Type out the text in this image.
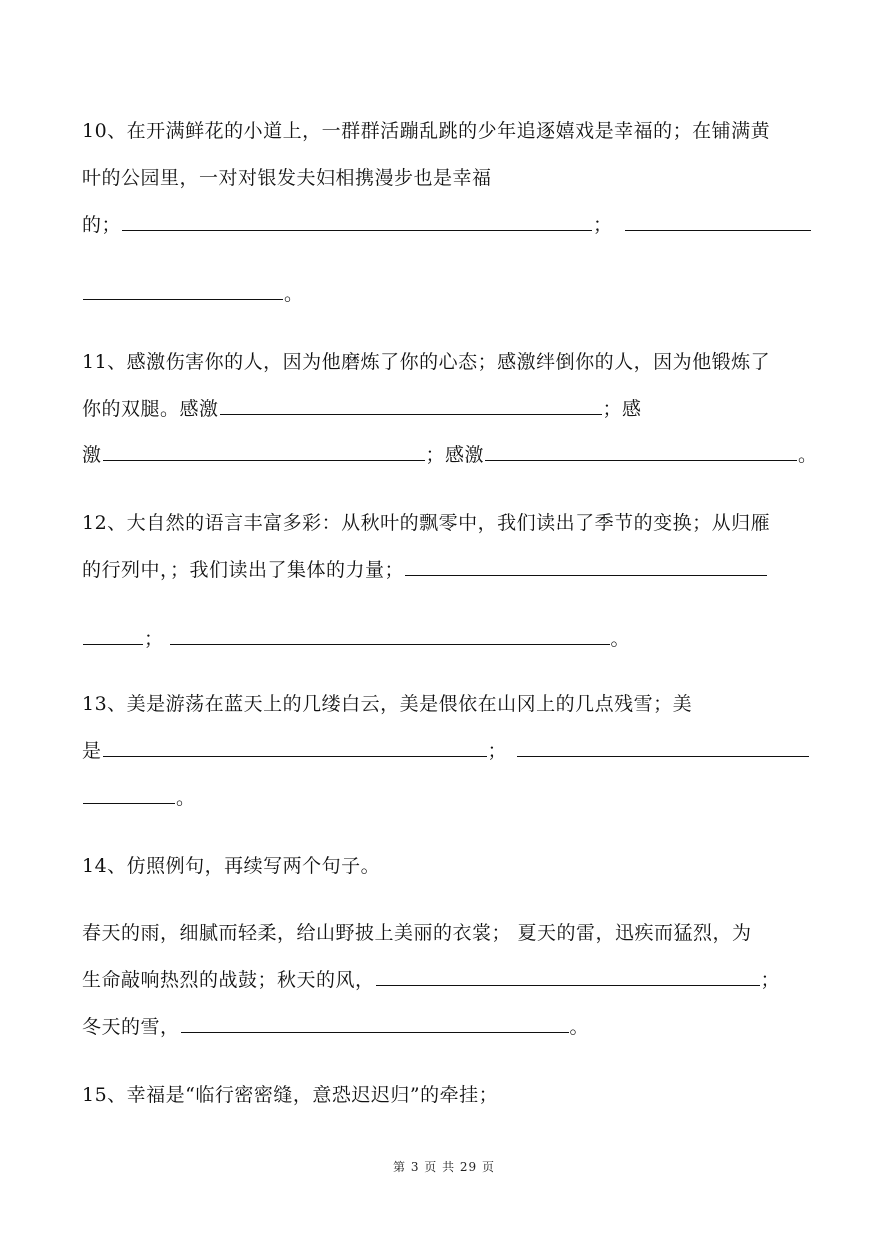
10、在开满鲜花的小道上，一群群活蹦乱跳的少年追逐嬉戏是幸福的；在铺满黄
叶的公园里，一对对银发夫妇相携漫步也是幸福
的；	；
。
11、感激伤害你的人，因为他磨炼了你的心态；感激绊倒你的人，因为他锻炼了
你的双腿。感激	；感
激	；感激	。
12、大自然的语言丰富多彩：从秋叶的飘零中，我们读出了季节的变换；从归雁
的行列中，；我们读出了集体的力量；
；	。
13、美是游荡在蓝天上的几缕白云，美是偎依在山冈上的几点残雪；美
是	；
。
14、仿照例句，再续写两个句子。
春天的雨，细腻而轻柔，给山野披上美丽的衣裳； 夏天的雷，迅疾而猛烈，为
生命敲响热烈的战鼓；秋天的风，	；
冬天的雪，	。
15、幸福是“临行密密缝，意恐迟迟归”的牵挂；
第 3 页 共 29 页
